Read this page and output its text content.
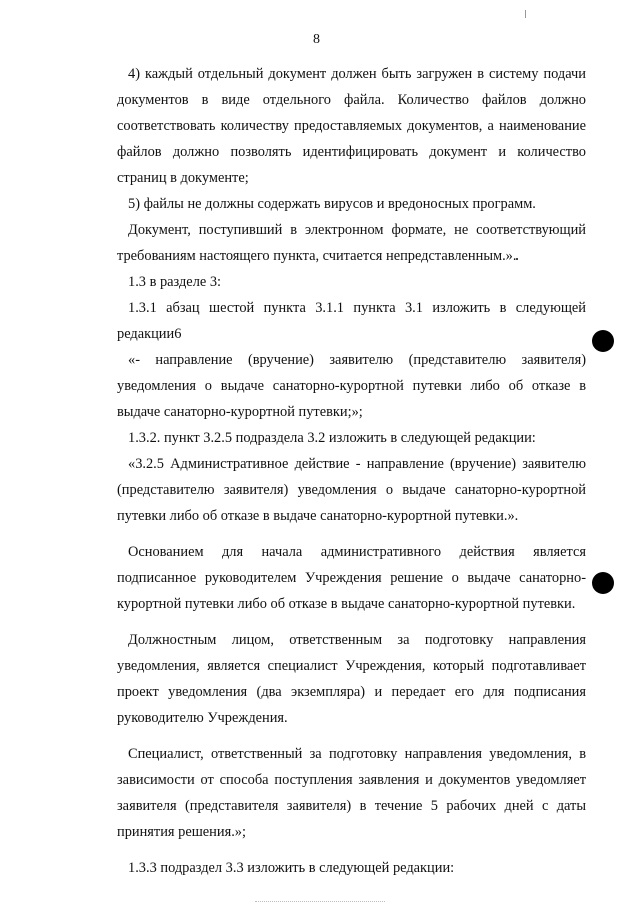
8

4) каждый отдельный документ должен быть загружен в систему подачи документов в виде отдельного файла. Количество файлов должно соответствовать количеству предоставляемых документов, а наименование файлов должно позволять идентифицировать документ и количество страниц в документе;

5) файлы не должны содержать вирусов и вредоносных программ.

Документ, поступивший в электронном формате, не соответствующий требованиям настоящего пункта, считается непредставленным.».

1.3 в разделе 3:

1.3.1 абзац шестой пункта 3.1.1 пункта 3.1 изложить в следующей редакции6

«- направление (вручение) заявителю (представителю заявителя) уведомления о выдаче санаторно-курортной путевки либо об отказе в выдаче санаторно-курортной путевки;»;

1.3.2. пункт 3.2.5 подраздела 3.2 изложить в следующей редакции:

«3.2.5 Административное действие - направление (вручение) заявителю (представителю заявителя) уведомления о выдаче санаторно-курортной путевки либо об отказе в выдаче санаторно-курортной путевки.».

Основанием для начала административного действия является подписанное руководителем Учреждения решение о выдаче санаторно-курортной путевки либо об отказе в выдаче санаторно-курортной путевки.

Должностным лицом, ответственным за подготовку направления уведомления, является специалист Учреждения, который подготавливает проект уведомления (два экземпляра) и передает его для подписания руководителю Учреждения.

Специалист, ответственный за подготовку направления уведомления, в зависимости от способа поступления заявления и документов уведомляет заявителя (представителя заявителя) в течение 5 рабочих дней с даты принятия решения.»;

1.3.3 подраздел 3.3 изложить в следующей редакции:
